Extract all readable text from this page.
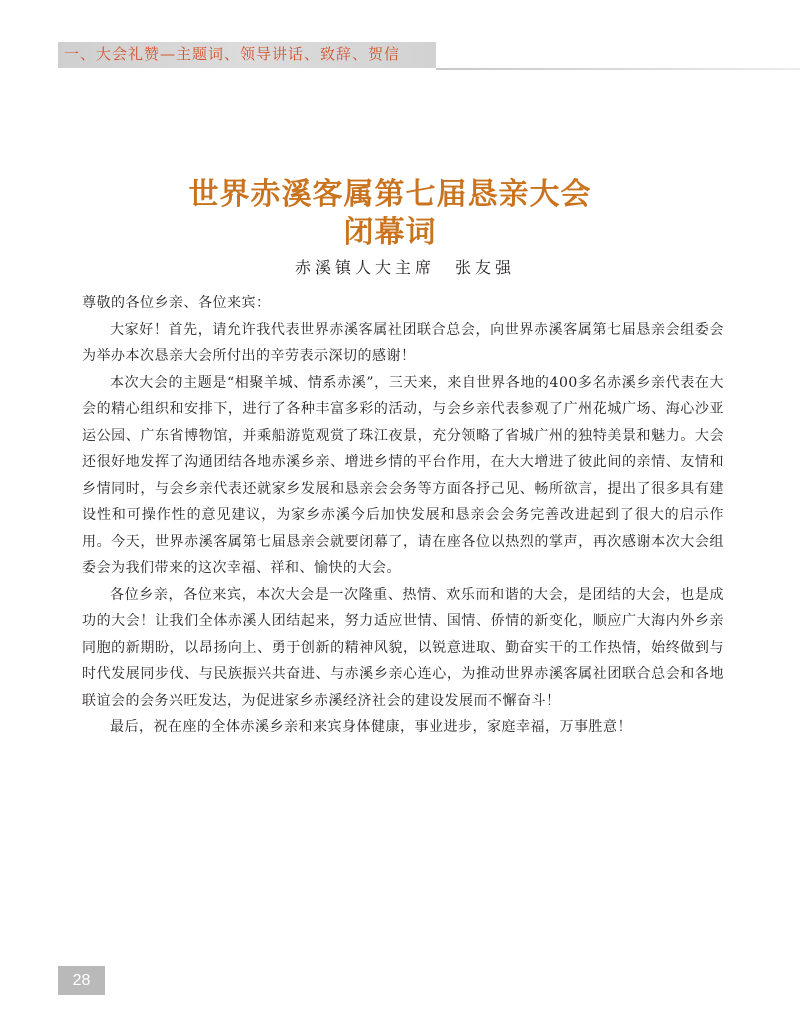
一、大会礼赞—主题词、领导讲话、致辞、贺信
世界赤溪客属第七届恳亲大会
闭幕词
赤溪镇人大主席　张友强

尊敬的各位乡亲、各位来宾：

大家好！首先，请允许我代表世界赤溪客属社团联合总会，向世界赤溪客属第七届恳亲会组委会为举办本次恳亲大会所付出的辛劳表示深切的感谢！

本次大会的主题是“相聚羊城、情系赤溪”，三天来，来自世界各地的400多名赤溪乡亲代表在大会的精心组织和安排下，进行了各种丰富多彩的活动，与会乡亲代表参观了广州花城广场、海心沙亚运公园、广东省博物馆，并乘船游览观赏了珠江夜景，充分领略了省城广州的独特美景和魅力。大会还很好地发挥了沟通团结各地赤溪乡亲、增进乡情的平台作用，在大大增进了彼此间的亲情、友情和乡情同时，与会乡亲代表还就家乡发展和恳亲会会务等方面各抒己见、畅所欲言，提出了很多具有建设性和可操作性的意见建议，为家乡赤溪今后加快发展和恳亲会会务完善改进起到了很大的启示作用。今天，世界赤溪客属第七届恳亲会就要闭幕了，请在座各位以热烈的掌声，再次感谢本次大会组委会为我们带来的这次幸福、祥和、愉快的大会。

各位乡亲，各位来宾，本次大会是一次隆重、热情、欢乐而和谐的大会，是团结的大会，也是成功的大会！让我们全体赤溪人团结起来，努力适应世情、国情、侨情的新变化，顺应广大海内外乡亲同胞的新期盼，以昂扬向上、勇于创新的精神风貌，以锐意进取、勤奋实干的工作热情，始终做到与时代发展同步伐、与民族振兴共奋进、与赤溪乡亲心连心，为推动世界赤溪客属社团联合总会和各地联谊会的会务兴旺发达，为促进家乡赤溪经济社会的建设发展而不懈奋斗！

最后，祝在座的全体赤溪乡亲和来宾身体健康，事业进步，家庭幸福，万事胜意！

28
